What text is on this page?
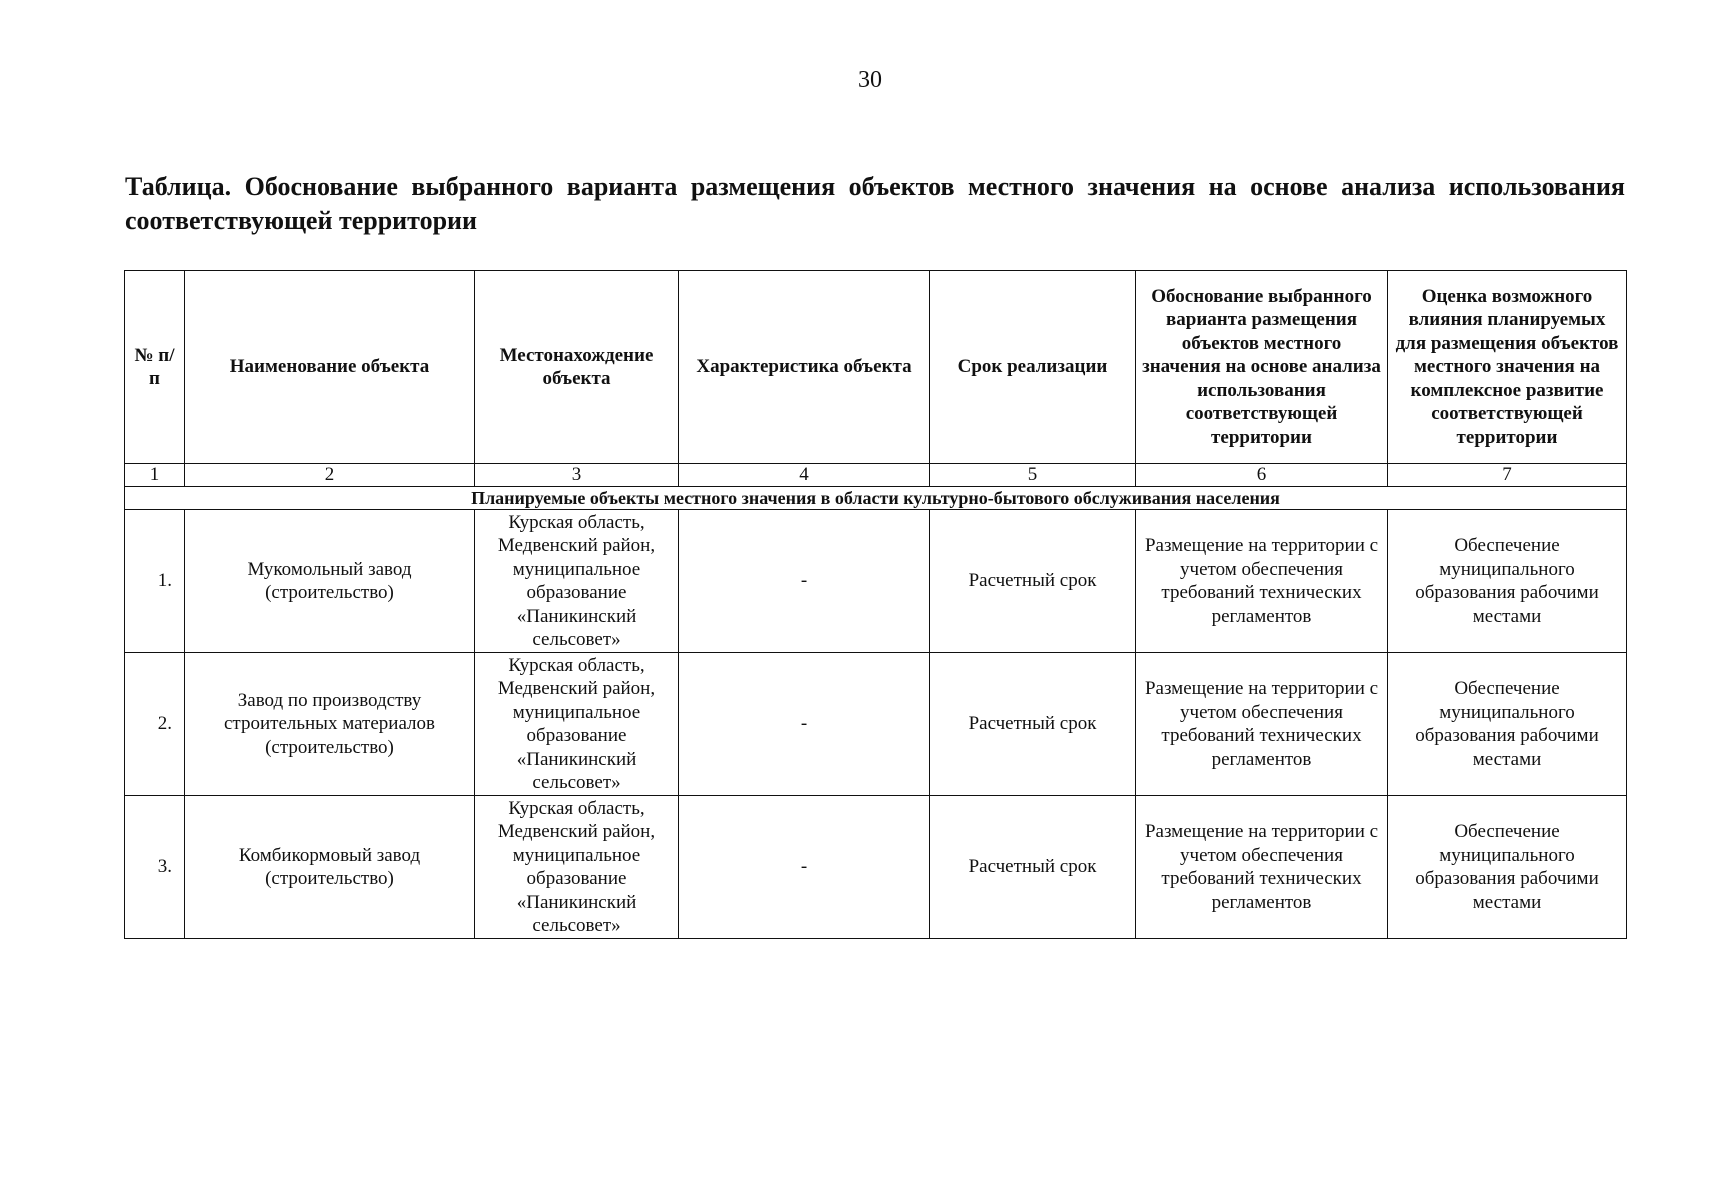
30
Таблица. Обоснование выбранного варианта размещения объектов местного значения на основе анализа использования соответствующей территории
№ п/п	Наименование объекта	Местонахождение объекта	Характеристика объекта	Срок реализации	Обоснование выбранного варианта размещения объектов местного значения на основе анализа использования соответствующей территории	Оценка возможного влияния планируемых для размещения объектов местного значения на комплексное развитие соответствующей территории
1	2	3	4	5	6	7
Планируемые объекты местного значения в области культурно-бытового обслуживания населения						
1.	Мукомольный завод (строительство)	Курская область, Медвенский район, муниципальное образование «Паникинский сельсовет»	-	Расчетный срок	Размещение на территории с учетом обеспечения требований технических регламентов	Обеспечение муниципального образования рабочими местами
2.	Завод по производству строительных материалов (строительство)	Курская область, Медвенский район, муниципальное образование «Паникинский сельсовет»	-	Расчетный срок	Размещение на территории с учетом обеспечения требований технических регламентов	Обеспечение муниципального образования рабочими местами
3.	Комбикормовый завод (строительство)	Курская область, Медвенский район, муниципальное образование «Паникинский сельсовет»	-	Расчетный срок	Размещение на территории с учетом обеспечения требований технических регламентов	Обеспечение муниципального образования рабочими местами
